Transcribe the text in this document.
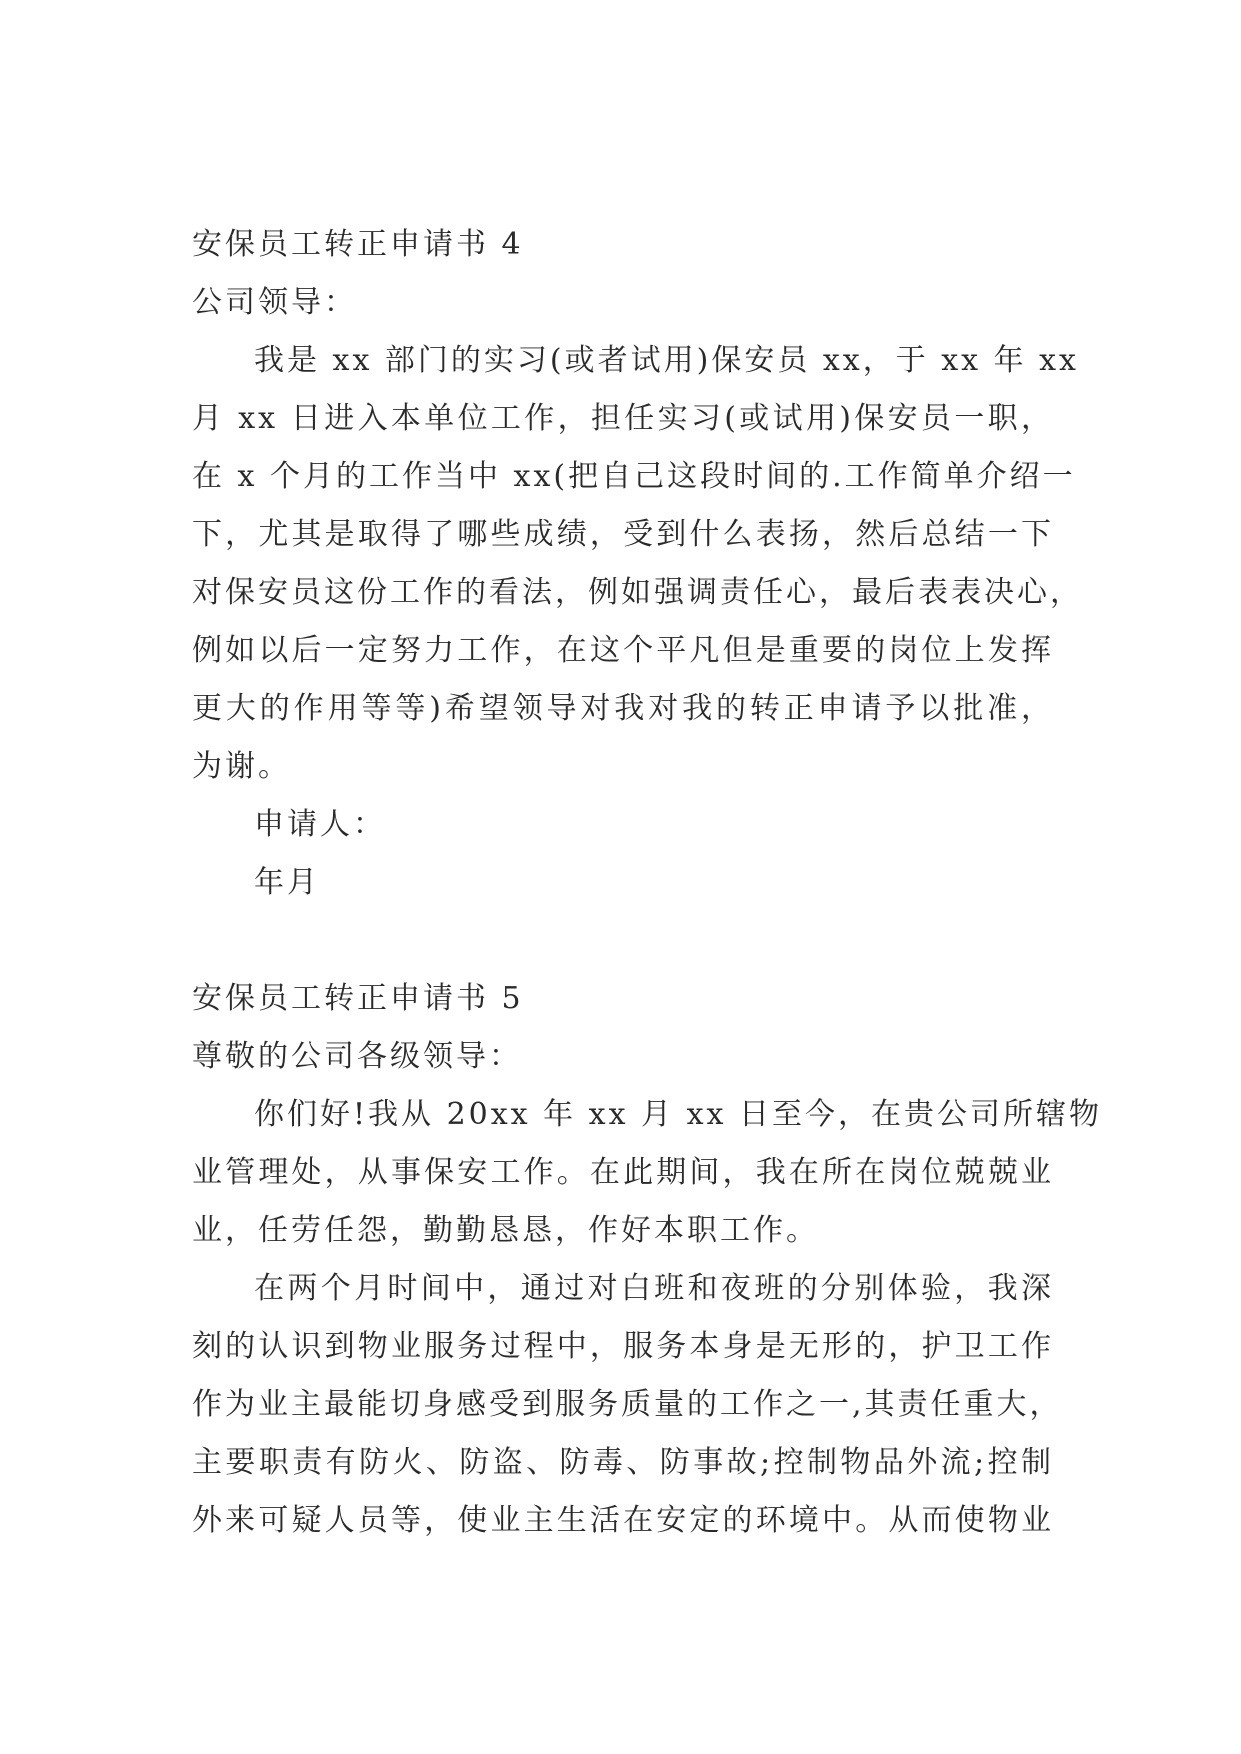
安保员工转正申请书 4
公司领导：
我是 xx 部门的实习(或者试用)保安员 xx，于 xx 年 xx
月 xx 日进入本单位工作，担任实习(或试用)保安员一职，
在 x 个月的工作当中 xx(把自己这段时间的.工作简单介绍一
下，尤其是取得了哪些成绩，受到什么表扬，然后总结一下
对保安员这份工作的看法，例如强调责任心，最后表表决心，
例如以后一定努力工作，在这个平凡但是重要的岗位上发挥
更大的作用等等)希望领导对我对我的转正申请予以批准，
为谢。
申请人：
年月
安保员工转正申请书 5
尊敬的公司各级领导：
你们好!我从 20xx 年 xx 月 xx 日至今，在贵公司所辖物
业管理处，从事保安工作。在此期间，我在所在岗位兢兢业
业，任劳任怨，勤勤恳恳，作好本职工作。
在两个月时间中，通过对白班和夜班的分别体验，我深
刻的认识到物业服务过程中，服务本身是无形的，护卫工作
作为业主最能切身感受到服务质量的工作之一,其责任重大，
主要职责有防火、防盗、防毒、防事故;控制物品外流;控制
外来可疑人员等，使业主生活在安定的环境中。从而使物业
